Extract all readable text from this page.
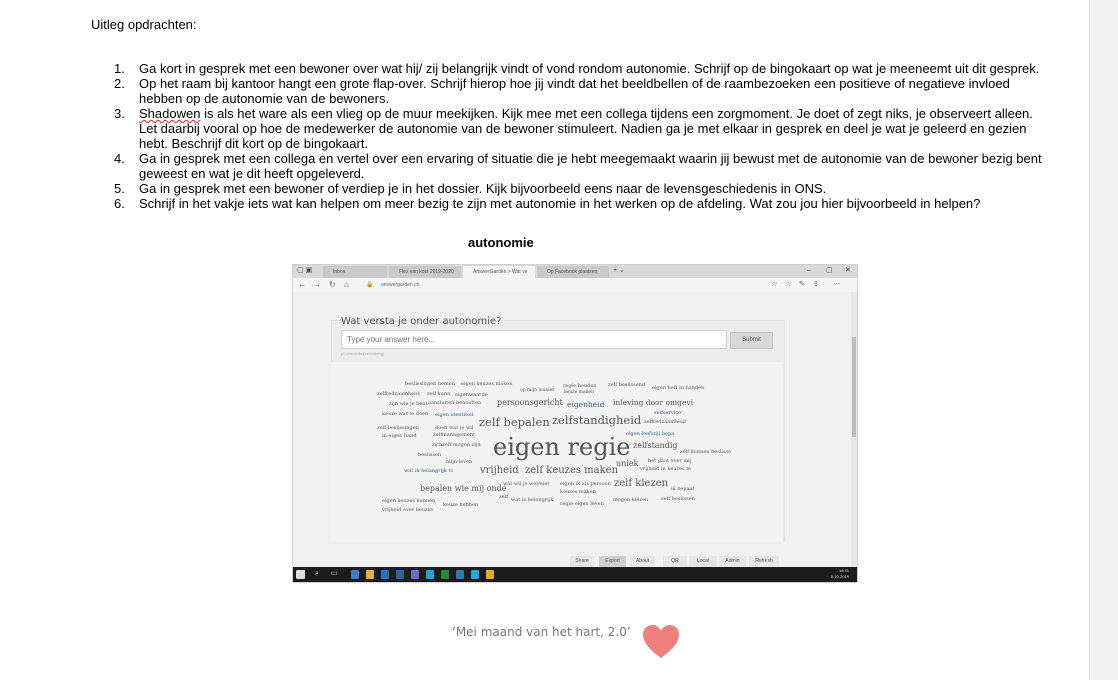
Uitleg opdrachten:
1. Ga kort in gesprek met een bewoner over wat hij/ zij belangrijk vindt of vond rondom autonomie. Schrijf op de bingokaart op wat je meeneemt uit dit gesprek.
2. Op het raam bij kantoor hangt een grote flap-over. Schrijf hierop hoe jij vindt dat het beeldbellen of de raambezoeken een positieve of negatieve invloed hebben op de autonomie van de bewoners.
3. Shadowen is als het ware als een vlieg op de muur meekijken. Kijk mee met een collega tijdens een zorgmoment. Je doet of zegt niks, je observeert alleen. Let daarbij vooral op hoe de medewerker de autonomie van de bewoner stimuleert. Nadien ga je met elkaar in gesprek en deel je wat je geleerd en gezien hebt. Beschrijf dit kort op de bingokaart.
4. Ga in gesprek met een collega en vertel over een ervaring of situatie die je hebt meegemaakt waarin jij bewust met de autonomie van de bewoner bezig bent geweest en wat je dit heeft opgeleverd.
5. Ga in gesprek met een bewoner of verdiep je in het dossier. Kijk bijvoorbeeld eens naar de levensgeschiedenis in ONS.
6. Schrijf in het vakje iets wat kan helpen om meer bezig te zijn met autonomie in het werken op de afdeling. Wat zou jou hier bijvoorbeeld in helpen?
autonomie
▢ ▣	Inbox	Flex van kost 2019-2020	AnswerGarden > Wat ve	Op Facebook plaatsen	+ ⌄	– ▢ ✕
← → ↻ ⌂	🔒 answergarden.ch	☆ ☆ ✎ ⇪ ⋯
Wat versta je onder autonomie?
Type your answer here...	Submit
(0 characters remaining)
beslissingen nemen eigen keuzes maken	regie houden zelf beslissend
op mijn manier keuze maken
eigen heft in handen
zelfredzaamheid, zelf kunn eigenwaarde
zijn wie je bent aansluiten behoeften persoonsgericht eigenheid inleving door omgevi
keuze wat te doen eigen identiteit	selfservice
zelf bepalen zelfstandigheid zelfredzaamheid
zelf beslissingen	doen wat je wil
zelfmanagement
in eigen hand	eigen leefstijl bepa
zichzelf mogen zijn eigen regie zelfstandig
zelf kunnen beslisse
beslissen
mijn leven	uniek het gaat over mij
vrijheid in keuzes m
wat ik belangrijk vi	vrijheid zelf keuzes maken
wat wil je wel/niet eigen ik als persoon zelf kiezen ik bepaal
bepalen wie mij onde	keuzes maken
zelf wat is belangrijk	zelf beslissen
mogen kiezen
eigen keuzes kunnen
keuze hebben	regie eigen leven
vrijheid over keuzes
Share	Export	About	QR	Local	Admin	Refresh
⌕ ▭	16:41
8-10-2019
‘Mei maand van het hart, 2.0’
